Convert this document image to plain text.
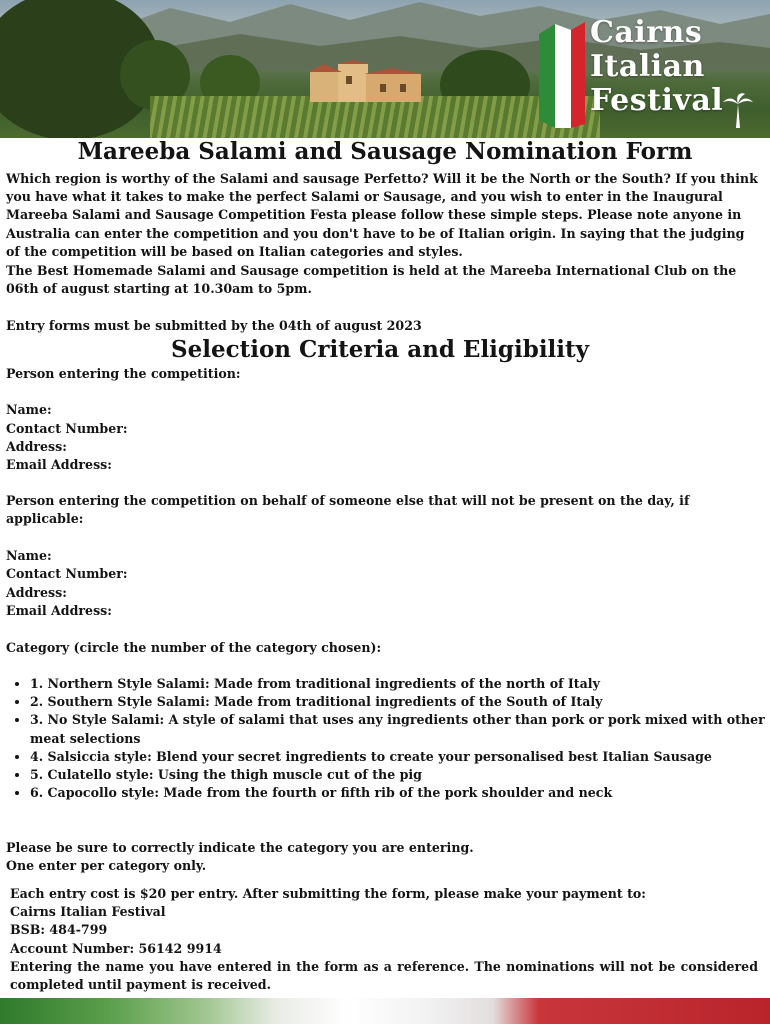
Cairns
Italian
Festival
Mareeba Salami and Sausage Nomination Form
Which region is worthy of the Salami and sausage Perfetto? Will it be the North or the South? If you think you have what it takes to make the perfect Salami or Sausage, and you wish to enter in the Inaugural Mareeba Salami and Sausage Competition Festa please follow these simple steps. Please note anyone in Australia can enter the competition and you don't have to be of Italian origin. In saying that the judging of the competition will be based on Italian categories and styles.
The Best Homemade Salami and Sausage competition is held at the Mareeba International Club on the 06th of august starting at 10.30am to 5pm.
Entry forms must be submitted by the 04th of august 2023
Selection Criteria and Eligibility
Person entering the competition:
Name:
Contact Number:
Address:
Email Address:
Person entering the competition on behalf of someone else that will not be present on the day, if applicable:
Name:
Contact Number:
Address:
Email Address:
Category (circle the number of the category chosen):
• 1. Northern Style Salami: Made from traditional ingredients of the north of Italy
• 2. Southern Style Salami: Made from traditional ingredients of the South of Italy
• 3. No Style Salami: A style of salami that uses any ingredients other than pork or pork mixed with other meat selections
• 4. Salsiccia style: Blend your secret ingredients to create your personalised best Italian Sausage
• 5. Culatello style: Using the thigh muscle cut of the pig
• 6. Capocollo style: Made from the fourth or fifth rib of the pork shoulder and neck
Please be sure to correctly indicate the category you are entering.
One enter per category only.
Each entry cost is $20 per entry. After submitting the form, please make your payment to:
Cairns Italian Festival
BSB: 484-799
Account Number: 56142 9914
Entering the name you have entered in the form as a reference. The nominations will not be considered completed until payment is received.
